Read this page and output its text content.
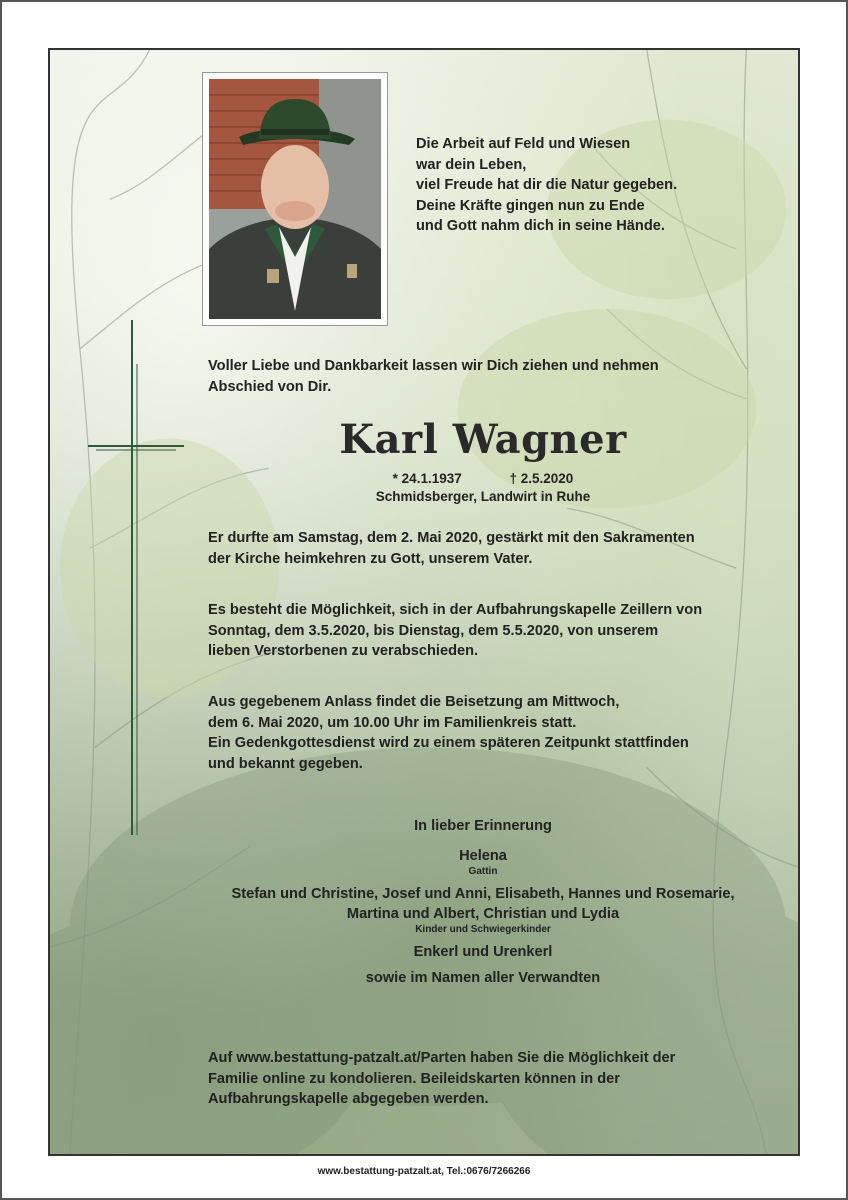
Die Arbeit auf Feld und Wiesen
war dein Leben,
viel Freude hat dir die Natur gegeben.
Deine Kräfte gingen nun zu Ende
und Gott nahm dich in seine Hände.
Voller Liebe und Dankbarkeit lassen wir Dich ziehen und nehmen
Abschied von Dir.
Karl Wagner
* 24.1.1937	† 2.5.2020
Schmidsberger, Landwirt in Ruhe
Er durfte am Samstag, dem 2. Mai 2020, gestärkt mit den Sakramenten
der Kirche heimkehren zu Gott, unserem Vater.
Es besteht die Möglichkeit, sich in der Aufbahrungskapelle Zeillern von
Sonntag, dem 3.5.2020, bis Dienstag, dem 5.5.2020, von unserem
lieben Verstorbenen zu verabschieden.
Aus gegebenem Anlass findet die Beisetzung am Mittwoch,
dem 6. Mai 2020, um 10.00 Uhr im Familienkreis statt.
Ein Gedenkgottesdienst wird zu einem späteren Zeitpunkt stattfinden
und bekannt gegeben.
In lieber Erinnerung
Helena
Gattin
Stefan und Christine, Josef und Anni, Elisabeth, Hannes und Rosemarie,
Martina und Albert, Christian und Lydia
Kinder und Schwiegerkinder
Enkerl und Urenkerl
sowie im Namen aller Verwandten
Auf www.bestattung-patzalt.at/Parten haben Sie die Möglichkeit der
Familie online zu kondolieren. Beileidskarten können in der
Aufbahrungskapelle abgegeben werden.
www.bestattung-patzalt.at, Tel.:0676/7266266
